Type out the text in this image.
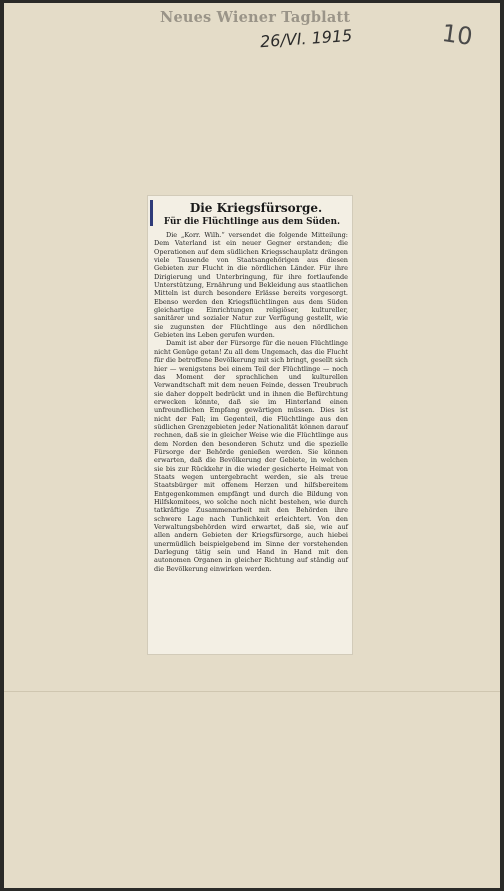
Neues Wiener Tagblatt
26/VI. 1915	10
Die Kriegsfürsorge.
Für die Flüchtlinge aus dem Süden.

Die „Korr. Wilh.“ versendet die folgende Mitteilung: Dem Vaterland ist ein neuer Gegner erstanden; die Operationen auf dem südlichen Kriegsschauplatz drängen viele Tausende von Staatsangehörigen aus diesen Gebieten zur Flucht in die nördlichen Länder. Für ihre Dirigierung und Unterbringung, für ihre fortlaufende Unterstützung, Ernährung und Bekleidung aus staatlichen Mitteln ist durch besondere Erlässe bereits vorgesorgt. Ebenso werden den Kriegsflüchtlingen aus dem Süden gleichartige Einrichtungen religiöser, kultureller, sanitärer und sozialer Natur zur Verfügung gestellt, wie sie zugunsten der Flüchtlinge aus den nördlichen Gebieten ins Leben gerufen wurden.

Damit ist aber der Fürsorge für die neuen Flüchtlinge nicht Genüge getan! Zu all dem Ungemach, das die Flucht für die betroffene Bevölkerung mit sich bringt, gesellt sich hier — wenigstens bei einem Teil der Flüchtlinge — noch das Moment der sprachlichen und kulturellen Verwandtschaft mit dem neuen Feinde, dessen Treubruch sie daher doppelt bedrückt und in ihnen die Befürchtung erwecken könnte, daß sie im Hinterland einen unfreundlichen Empfang gewärtigen müssen. Dies ist nicht der Fall; im Gegenteil, die Flüchtlinge aus den südlichen Grenzgebieten jeder Nationalität können darauf rechnen, daß sie in gleicher Weise wie die Flüchtlinge aus dem Norden den besonderen Schutz und die spezielle Fürsorge der Behörde genießen werden. Sie können erwarten, daß die Bevölkerung der Gebiete, in welchen sie bis zur Rückkehr in die wieder gesicherte Heimat von Staats wegen untergebracht werden, sie als treue Staatsbürger mit offenem Herzen und hilfsbereitem Entgegenkommen empfängt und durch die Bildung von Hilfskomitees, wo solche noch nicht bestehen, wie durch tatkräftige Zusammenarbeit mit den Behörden ihre schwere Lage nach Tunlichkeit erleichtert. Von den Verwaltungsbehörden wird erwartet, daß sie, wie auf allen andern Gebieten der Kriegsfürsorge, auch hiebei unermüdlich beispielgebend im Sinne der vorstehenden Darlegung tätig sein und Hand in Hand mit den autonomen Organen in gleicher Richtung auf ständig auf die Bevölkerung einwirken werden.
